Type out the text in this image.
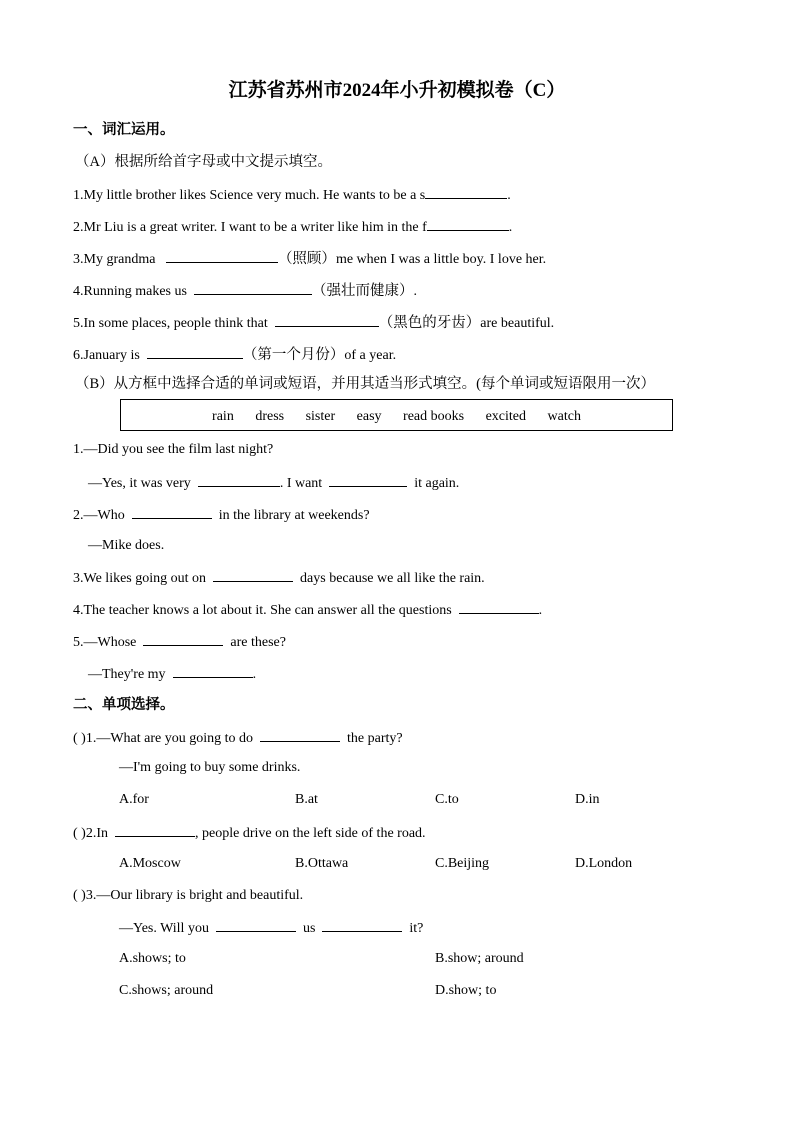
江苏省苏州市2024年小升初模拟卷（C）
一、词汇运用。
（A）根据所给首字母或中文提示填空。
1.My little brother likes Science very much. He wants to be a s	.
2.Mr Liu is a great writer. I want to be a writer like him in the f	.
3.My grandma	（照顾）me when I was a little boy. I love her.
4.Running makes us	（强壮而健康）.
5.In some places, people think that	（黑色的牙齿）are beautiful.
6.January is	（第一个月份）of a year.
（B）从方框中选择合适的单词或短语，并用其适当形式填空。(每个单词或短语限用一次）
rain dress sister easy read books excited watch
1.—Did you see the film last night?
—Yes, it was very	. I want	it again.
2.—Who	in the library at weekends?
—Mike does.
3.We likes going out on	days because we all like the rain.
4.The teacher knows a lot about it. She can answer all the questions	.
5.—Whose	are these?
—They're my	.
二、单项选择。
( )1.—What are you going to do	the party?
—I'm going to buy some drinks.
A.for	B.at	C.to	D.in
( )2.In	, people drive on the left side of the road.
A.Moscow	B.Ottawa	C.Beijing	D.London
( )3.—Our library is bright and beautiful.
—Yes. Will you	us	it?
A.shows; to	B.show; around
C.shows; around	D.show; to
